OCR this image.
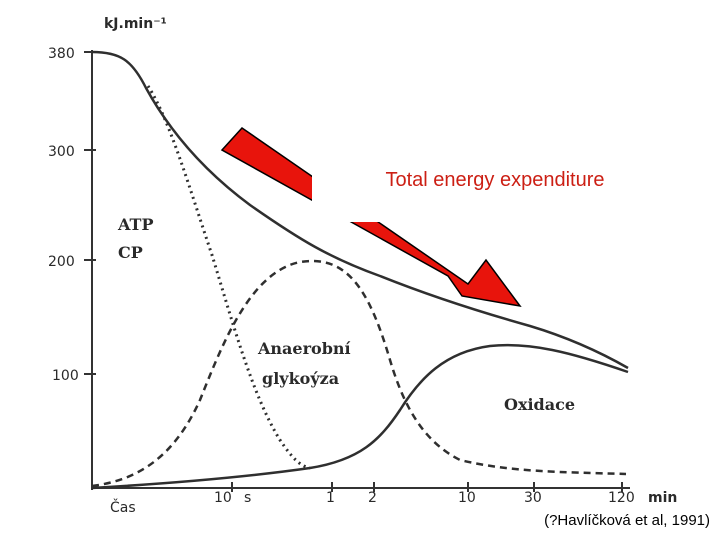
380
300
200
100
kJ.min⁻¹
Čas
10 s	1 2	10	30	120 min
ATP
CP
Anaerobní
glykoýza
Oxidace
Total energy expenditure
(?Havlíčková et al, 1991)
